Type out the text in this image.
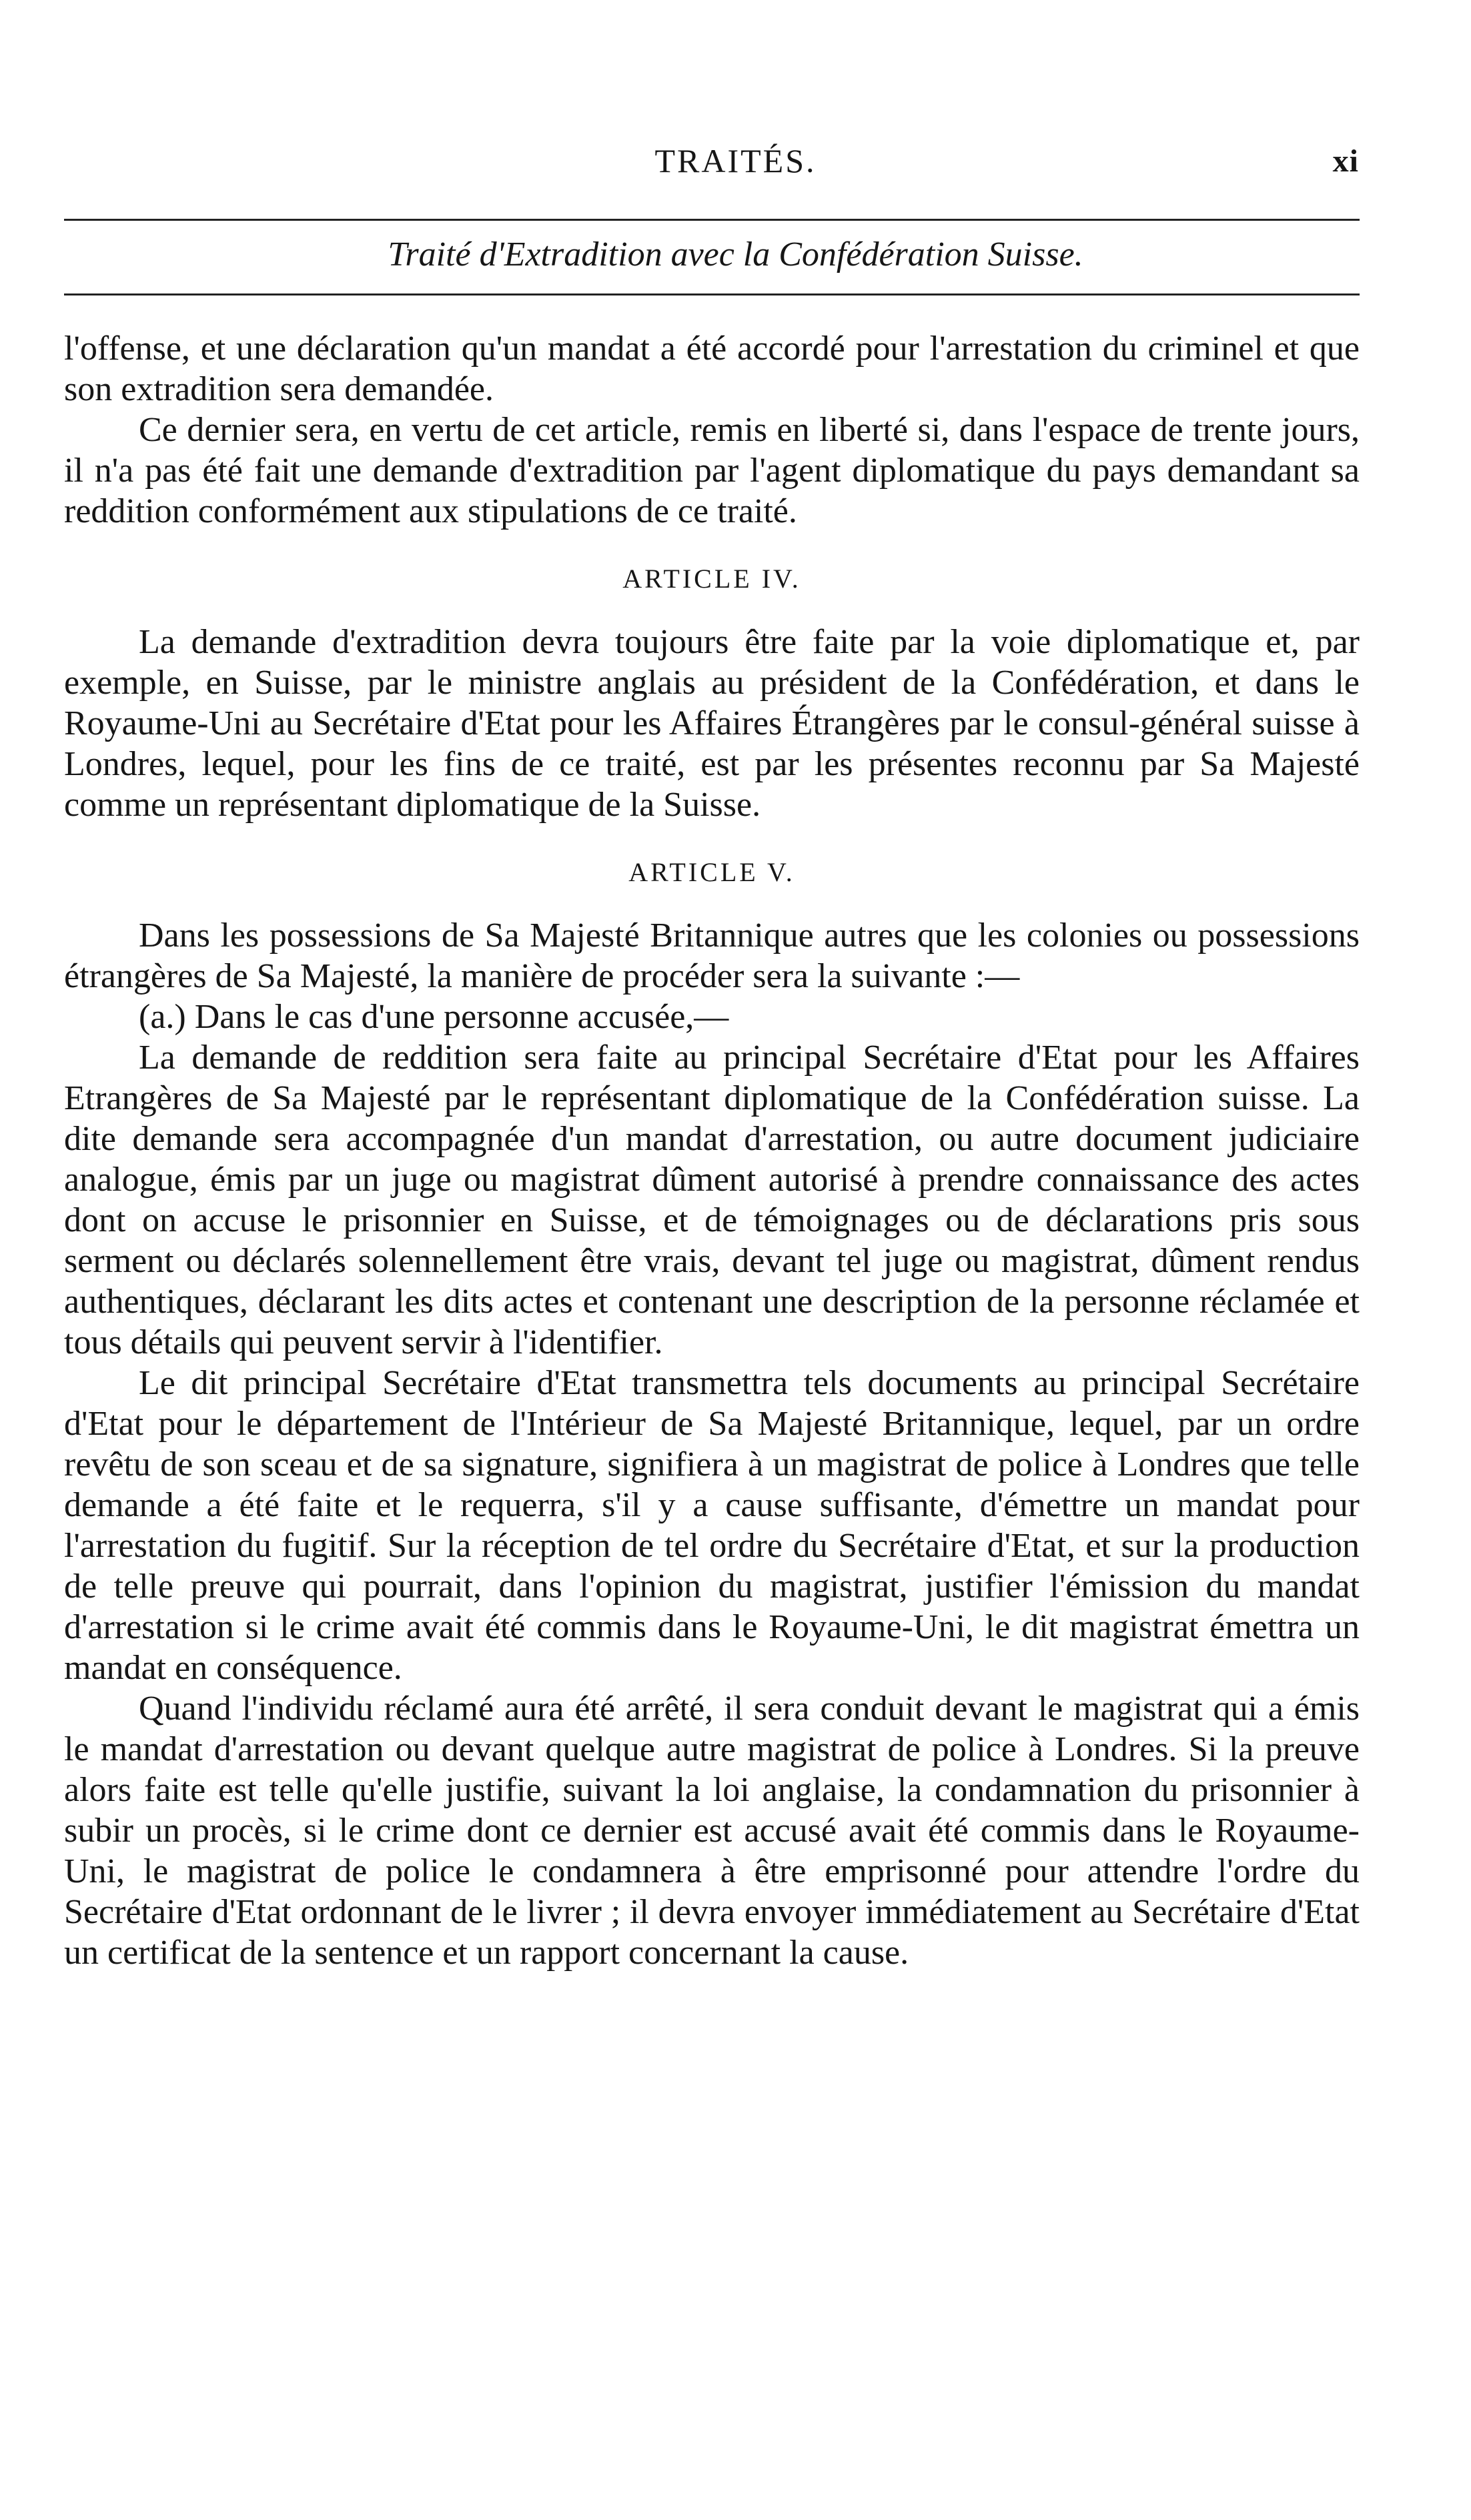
TRAITÉS.	xi
Traité d'Extradition avec la Confédération Suisse.

l'offense, et une déclaration qu'un mandat a été accordé pour l'arrestation du criminel et que son extradition sera demandée.

Ce dernier sera, en vertu de cet article, remis en liberté si, dans l'espace de trente jours, il n'a pas été fait une demande d'extradition par l'agent diplomatique du pays demandant sa reddition conformément aux stipulations de ce traité.

ARTICLE IV.

La demande d'extradition devra toujours être faite par la voie diplomatique et, par exemple, en Suisse, par le ministre anglais au président de la Confédération, et dans le Royaume-Uni au Secrétaire d'Etat pour les Affaires Étrangères par le consul-général suisse à Londres, lequel, pour les fins de ce traité, est par les présentes reconnu par Sa Majesté comme un représentant diplomatique de la Suisse.

ARTICLE V.

Dans les possessions de Sa Majesté Britannique autres que les colonies ou possessions étrangères de Sa Majesté, la manière de procéder sera la suivante :—

(a.) Dans le cas d'une personne accusée,—

La demande de reddition sera faite au principal Secrétaire d'Etat pour les Affaires Etrangères de Sa Majesté par le représentant diplomatique de la Confédération suisse. La dite demande sera accompagnée d'un mandat d'arrestation, ou autre document judiciaire analogue, émis par un juge ou magistrat dûment autorisé à prendre connaissance des actes dont on accuse le prisonnier en Suisse, et de témoignages ou de déclarations pris sous serment ou déclarés solennellement être vrais, devant tel juge ou magistrat, dûment rendus authentiques, déclarant les dits actes et contenant une description de la personne réclamée et tous détails qui peuvent servir à l'identifier.

Le dit principal Secrétaire d'Etat transmettra tels documents au principal Secrétaire d'Etat pour le département de l'Intérieur de Sa Majesté Britannique, lequel, par un ordre revêtu de son sceau et de sa signature, signifiera à un magistrat de police à Londres que telle demande a été faite et le requerra, s'il y a cause suffisante, d'émettre un mandat pour l'arrestation du fugitif. Sur la réception de tel ordre du Secrétaire d'Etat, et sur la production de telle preuve qui pourrait, dans l'opinion du magistrat, justifier l'émission du mandat d'arrestation si le crime avait été commis dans le Royaume-Uni, le dit magistrat émettra un mandat en conséquence.

Quand l'individu réclamé aura été arrêté, il sera conduit devant le magistrat qui a émis le mandat d'arrestation ou devant quelque autre magistrat de police à Londres. Si la preuve alors faite est telle qu'elle justifie, suivant la loi anglaise, la condamnation du prisonnier à subir un procès, si le crime dont ce dernier est accusé avait été commis dans le Royaume-Uni, le magistrat de police le condamnera à être emprisonné pour attendre l'ordre du Secrétaire d'Etat ordonnant de le livrer ; il devra envoyer immédiatement au Secrétaire d'Etat un certificat de la sentence et un rapport concernant la cause.
